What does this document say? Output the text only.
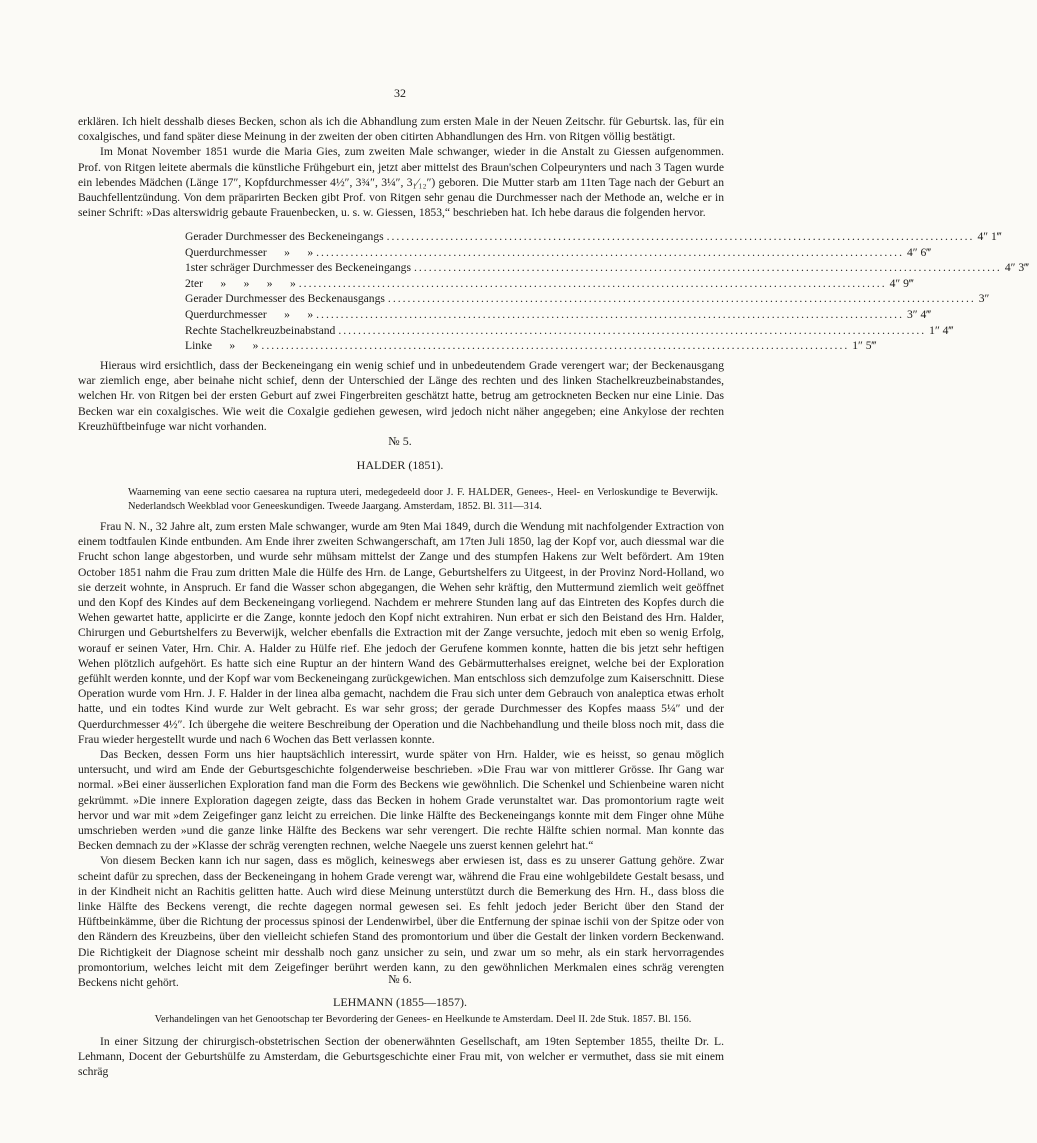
32

erklären. Ich hielt desshalb dieses Becken, schon als ich die Abhandlung zum ersten Male in der Neuen Zeitschr. für Geburtsk. las, für ein coxalgisches, und fand später diese Meinung in der zweiten der oben citirten Abhandlungen des Hrn. von Ritgen völlig bestätigt.

Im Monat November 1851 wurde die Maria Gies, zum zweiten Male schwanger, wieder in die Anstalt zu Giessen aufgenommen. Prof. von Ritgen leitete abermals die künstliche Frühgeburt ein, jetzt aber mittelst des Braun'schen Colpeurynters und nach 3 Tagen wurde ein lebendes Mädchen (Länge 17″, Kopfdurchmesser 4½″, 3¾″, 3¼″, 3₁⁄₁₂″) geboren. Die Mutter starb am 11ten Tage nach der Geburt an Bauchfellentzündung. Von dem präparirten Becken gibt Prof. von Ritgen sehr genau die Durchmesser nach der Methode an, welche er in seiner Schrift: »Das alterswidrig gebaute Frauenbecken, u. s. w. Giessen, 1853,“ beschrieben hat. Ich hebe daraus die folgenden hervor.

Gerader Durchmesser des Beckeneingangs ........................................................................................................................ 4″ 1‴
Querdurchmesser      »      » ........................................................................................................................ 4″ 6‴
1ster schräger Durchmesser des Beckeneingangs ........................................................................................................................ 4″ 3‴
2ter      »      »      »      » ........................................................................................................................ 4″ 9‴
Gerader Durchmesser des Beckenausgangs ........................................................................................................................ 3″
Querdurchmesser      »      » ........................................................................................................................ 3″ 4‴
Rechte Stachelkreuzbeinabstand ........................................................................................................................ 1″ 4‴
Linke      »      » ........................................................................................................................ 1″ 5‴

Hieraus wird ersichtlich, dass der Beckeneingang ein wenig schief und in unbedeutendem Grade verengert war; der Beckenausgang war ziemlich enge, aber beinahe nicht schief, denn der Unterschied der Länge des rechten und des linken Stachelkreuzbeinabstandes, welchen Hr. von Ritgen bei der ersten Geburt auf zwei Fingerbreiten geschätzt hatte, betrug am getrockneten Becken nur eine Linie. Das Becken war ein coxalgisches. Wie weit die Coxalgie gediehen gewesen, wird jedoch nicht näher angegeben; eine Ankylose der rechten Kreuzhüftbeinfuge war nicht vorhanden.

№ 5.
HALDER (1851).
Waarneming van eene sectio caesarea na ruptura uteri, medegedeeld door J. F. HALDER, Genees-, Heel- en Verloskundige te Beverwijk. Nederlandsch Weekblad voor Geneeskundigen. Tweede Jaargang. Amsterdam, 1852. Bl. 311—314.

Frau N. N., 32 Jahre alt, zum ersten Male schwanger, wurde am 9ten Mai 1849, durch die Wendung mit nachfolgender Extraction von einem todtfaulen Kinde entbunden. Am Ende ihrer zweiten Schwangerschaft, am 17ten Juli 1850, lag der Kopf vor, auch diessmal war die Frucht schon lange abgestorben, und wurde sehr mühsam mittelst der Zange und des stumpfen Hakens zur Welt befördert. Am 19ten October 1851 nahm die Frau zum dritten Male die Hülfe des Hrn. de Lange, Geburtshelfers zu Uitgeest, in der Provinz Nord-Holland, wo sie derzeit wohnte, in Anspruch. Er fand die Wasser schon abgegangen, die Wehen sehr kräftig, den Muttermund ziemlich weit geöffnet und den Kopf des Kindes auf dem Beckeneingang vorliegend. Nachdem er mehrere Stunden lang auf das Eintreten des Kopfes durch die Wehen gewartet hatte, applicirte er die Zange, konnte jedoch den Kopf nicht extrahiren. Nun erbat er sich den Beistand des Hrn. Halder, Chirurgen und Geburtshelfers zu Beverwijk, welcher ebenfalls die Extraction mit der Zange versuchte, jedoch mit eben so wenig Erfolg, worauf er seinen Vater, Hrn. Chir. A. Halder zu Hülfe rief. Ehe jedoch der Gerufene kommen konnte, hatten die bis jetzt sehr heftigen Wehen plötzlich aufgehört. Es hatte sich eine Ruptur an der hintern Wand des Gebärmutterhalses ereignet, welche bei der Exploration gefühlt werden konnte, und der Kopf war vom Beckeneingang zurückgewichen. Man entschloss sich demzufolge zum Kaiserschnitt. Diese Operation wurde vom Hrn. J. F. Halder in der linea alba gemacht, nachdem die Frau sich unter dem Gebrauch von analeptica etwas erholt hatte, und ein todtes Kind wurde zur Welt gebracht. Es war sehr gross; der gerade Durchmesser des Kopfes maass 5¼″ und der Querdurchmesser 4½″. Ich übergehe die weitere Beschreibung der Operation und die Nachbehandlung und theile bloss noch mit, dass die Frau wieder hergestellt wurde und nach 6 Wochen das Bett verlassen konnte.

Das Becken, dessen Form uns hier hauptsächlich interessirt, wurde später von Hrn. Halder, wie es heisst, so genau möglich untersucht, und wird am Ende der Geburtsgeschichte folgenderweise beschrieben. »Die Frau war von mittlerer Grösse. Ihr Gang war normal. »Bei einer äusserlichen Exploration fand man die Form des Beckens wie gewöhnlich. Die Schenkel und Schienbeine waren nicht gekrümmt. »Die innere Exploration dagegen zeigte, dass das Becken in hohem Grade verunstaltet war. Das promontorium ragte weit hervor und war mit »dem Zeigefinger ganz leicht zu erreichen. Die linke Hälfte des Beckeneingangs konnte mit dem Finger ohne Mühe umschrieben werden »und die ganze linke Hälfte des Beckens war sehr verengert. Die rechte Hälfte schien normal. Man konnte das Becken demnach zu der »Klasse der schräg verengten rechnen, welche Naegele uns zuerst kennen gelehrt hat.“

Von diesem Becken kann ich nur sagen, dass es möglich, keineswegs aber erwiesen ist, dass es zu unserer Gattung gehöre. Zwar scheint dafür zu sprechen, dass der Beckeneingang in hohem Grade verengt war, während die Frau eine wohlgebildete Gestalt besass, und in der Kindheit nicht an Rachitis gelitten hatte. Auch wird diese Meinung unterstützt durch die Bemerkung des Hrn. H., dass bloss die linke Hälfte des Beckens verengt, die rechte dagegen normal gewesen sei. Es fehlt jedoch jeder Bericht über den Stand der Hüftbeinkämme, über die Richtung der processus spinosi der Lendenwirbel, über die Entfernung der spinae ischii von der Spitze oder von den Rändern des Kreuzbeins, über den vielleicht schiefen Stand des promontorium und über die Gestalt der linken vordern Beckenwand. Die Richtigkeit der Diagnose scheint mir desshalb noch ganz unsicher zu sein, und zwar um so mehr, als ein stark hervorragendes promontorium, welches leicht mit dem Zeigefinger berührt werden kann, zu den gewöhnlichen Merkmalen eines schräg verengten Beckens nicht gehört.	№ 6.
LEHMANN (1855—1857).
Verhandelingen van het Genootschap ter Bevordering der Genees- en Heelkunde te Amsterdam. Deel II. 2de Stuk. 1857. Bl. 156.

In einer Sitzung der chirurgisch-obstetrischen Section der obenerwähnten Gesellschaft, am 19ten September 1855, theilte Dr. L. Lehmann, Docent der Geburtshülfe zu Amsterdam, die Geburtsgeschichte einer Frau mit, von welcher er vermuthet, dass sie mit einem schräg
